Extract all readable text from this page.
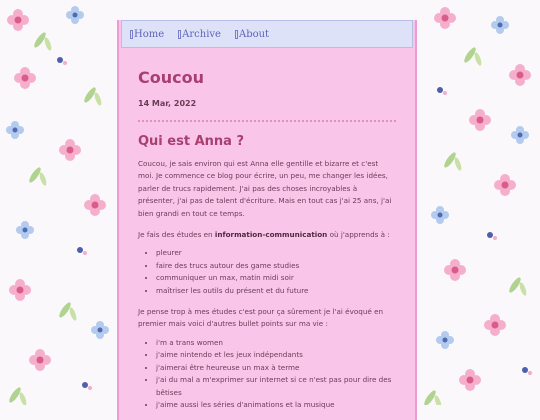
Home Archive About
Coucou
14 Mar, 2022
Qui est Anna ?

Coucou, je sais environ qui est Anna elle gentille et bizarre et c'est moi. Je commence ce blog pour écrire, un peu, me changer les idées, parler de trucs rapidement. J'ai pas des choses incroyables à présenter, j'ai pas de talent d'écriture. Mais en tout cas j'ai 25 ans, j'ai bien grandi en tout ce temps.

Je fais des études en information-communication où j'apprends à :

• pleurer
• faire des trucs autour des game studies
• communiquer un max, matin midi soir
• maîtriser les outils du présent et du future

Je pense trop à mes études c'est pour ça sûrement je l'ai évoqué en premier mais voici d'autres bullet points sur ma vie :

• i'm a trans women
• j'aime nintendo et les jeux indépendants
• j'aimerai être heureuse un max à terme
• j'ai du mal a m'exprimer sur internet si ce n'est pas pour dire des bêtises
• j'aime aussi les séries d'animations et la musique
